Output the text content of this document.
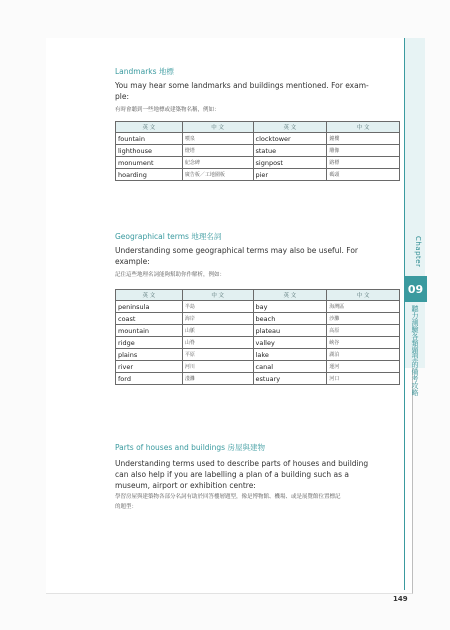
Chapter
09
聽力測驗各類題型的備考攻略
Landmarks 地標
You may hear some landmarks and buildings mentioned. For exam-
ple:
有時會聽到一些地標或建築物名稱，例如：
英 文	中 文	英 文	中 文
fountain	噴泉	clocktower	鐘樓
lighthouse	燈塔	statue	雕像
monument	紀念碑	signpost	路標
hoarding	廣告板／工地圍板	pier	碼頭
Geographical terms 地理名詞
Understanding some geographical terms may also be useful. For
example:
記住這些地理名詞能夠幫助你作解析，例如：
英 文	中 文	英 文	中 文
peninsula	半島	bay	海灣區
coast	海岸	beach	沙灘
mountain	山脈	plateau	高原
ridge	山脊	valley	峽谷
plains	平原	lake	湖泊
river	河川	canal	運河
ford	淺灘	estuary	河口
Parts of houses and buildings 房屋與建物
Understanding terms used to describe parts of houses and building
can also help if you are labelling a plan of a building such as a
museum, airport or exhibition centre:
學習房屋與建築物各部分名詞有助於回答樓層題型，像是博物館、機場、或是展覽館位置標記
的題型：
149
